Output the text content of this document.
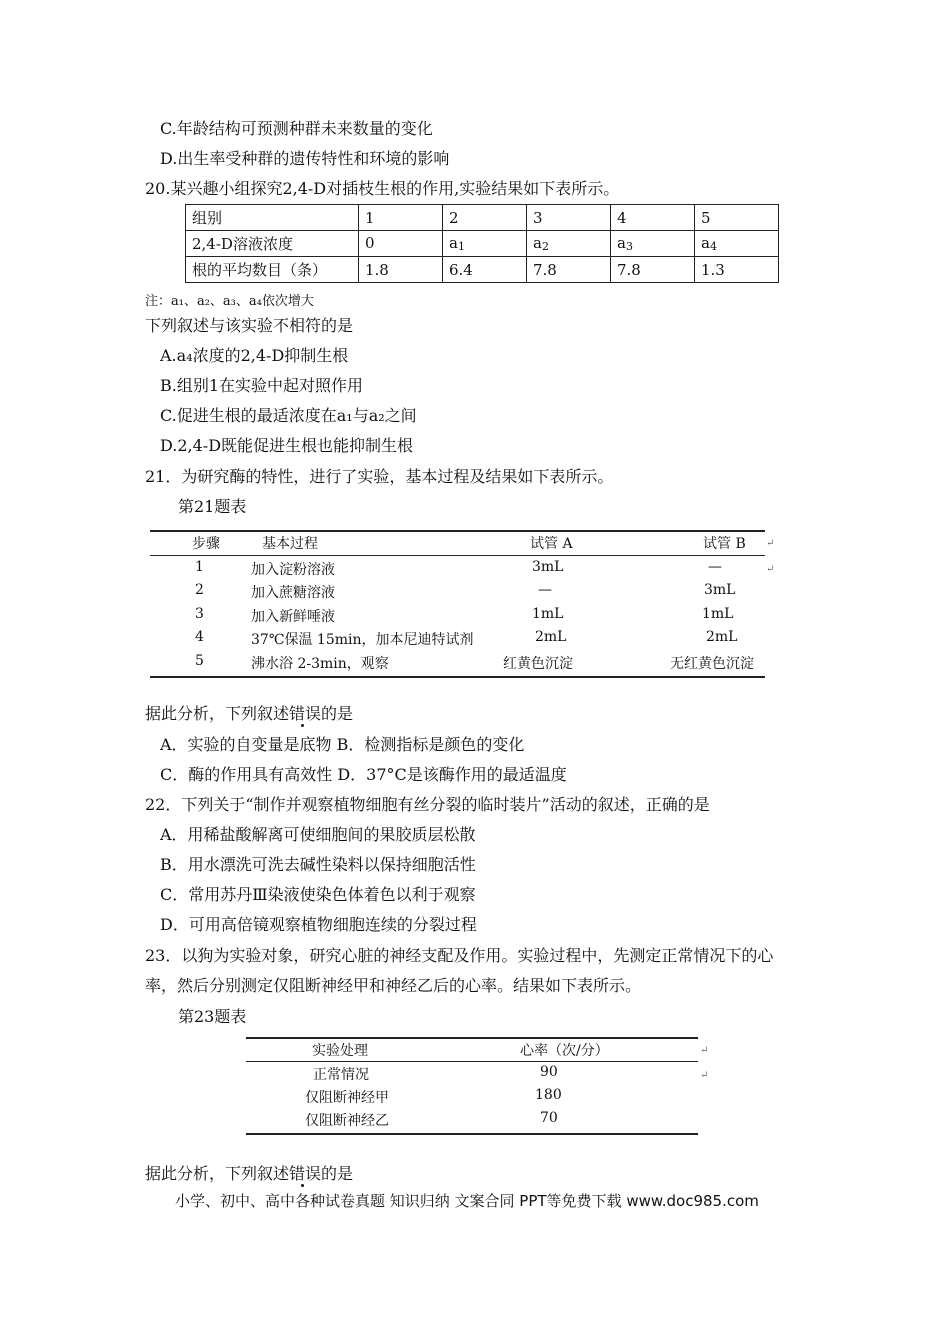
C.年龄结构可预测种群未来数量的变化
D.出生率受种群的遗传特性和环境的影响
20.某兴趣小组探究2,4-D对插枝生根的作用,实验结果如下表所示。
组别	1	2	3	4	5
2,4-D溶液浓度	0	a1	a2	a3	a4
根的平均数目（条）	1.8	6.4	7.8	7.8	1.3
注：a₁、a₂、a₃、a₄依次增大
下列叙述与该实验不相符的是
A.a₄浓度的2,4-D抑制生根
B.组别1在实验中起对照作用
C.促进生根的最适浓度在a₁与a₂之间
D.2,4-D既能促进生根也能抑制生根
21．为研究酶的特性，进行了实验，基本过程及结果如下表所示。
第21题表
步骤	基本过程	试管 A	试管 B
1	加入淀粉溶液	3mL	—
2	加入蔗糖溶液	—	3mL
3	加入新鲜唾液	1mL	1mL
4	37℃保温 15min，加本尼迪特试剂	2mL	2mL
5	沸水浴 2-3min，观察	红黄色沉淀	无红黄色沉淀
↵
↵
据此分析，下列叙述错误的是
A．实验的自变量是底物 B．检测指标是颜色的变化
C．酶的作用具有高效性 D．37°C是该酶作用的最适温度
22．下列关于“制作并观察植物细胞有丝分裂的临时装片”活动的叙述，正确的是
A．用稀盐酸解离可使细胞间的果胶质层松散
B．用水漂洗可洗去碱性染料以保持细胞活性
C．常用苏丹Ⅲ染液使染色体着色以利于观察
D．可用高倍镜观察植物细胞连续的分裂过程
23．以狗为实验对象，研究心脏的神经支配及作用。实验过程中，先测定正常情况下的心
率，然后分别测定仅阻断神经甲和神经乙后的心率。结果如下表所示。
第23题表
实验处理	心率（次/分）
正常情况	90
仅阻断神经甲	180
仅阻断神经乙	70
↵
↵
据此分析，下列叙述错误的是
小学、初中、高中各种试卷真题 知识归纳 文案合同 PPT等免费下载 www.doc985.com
